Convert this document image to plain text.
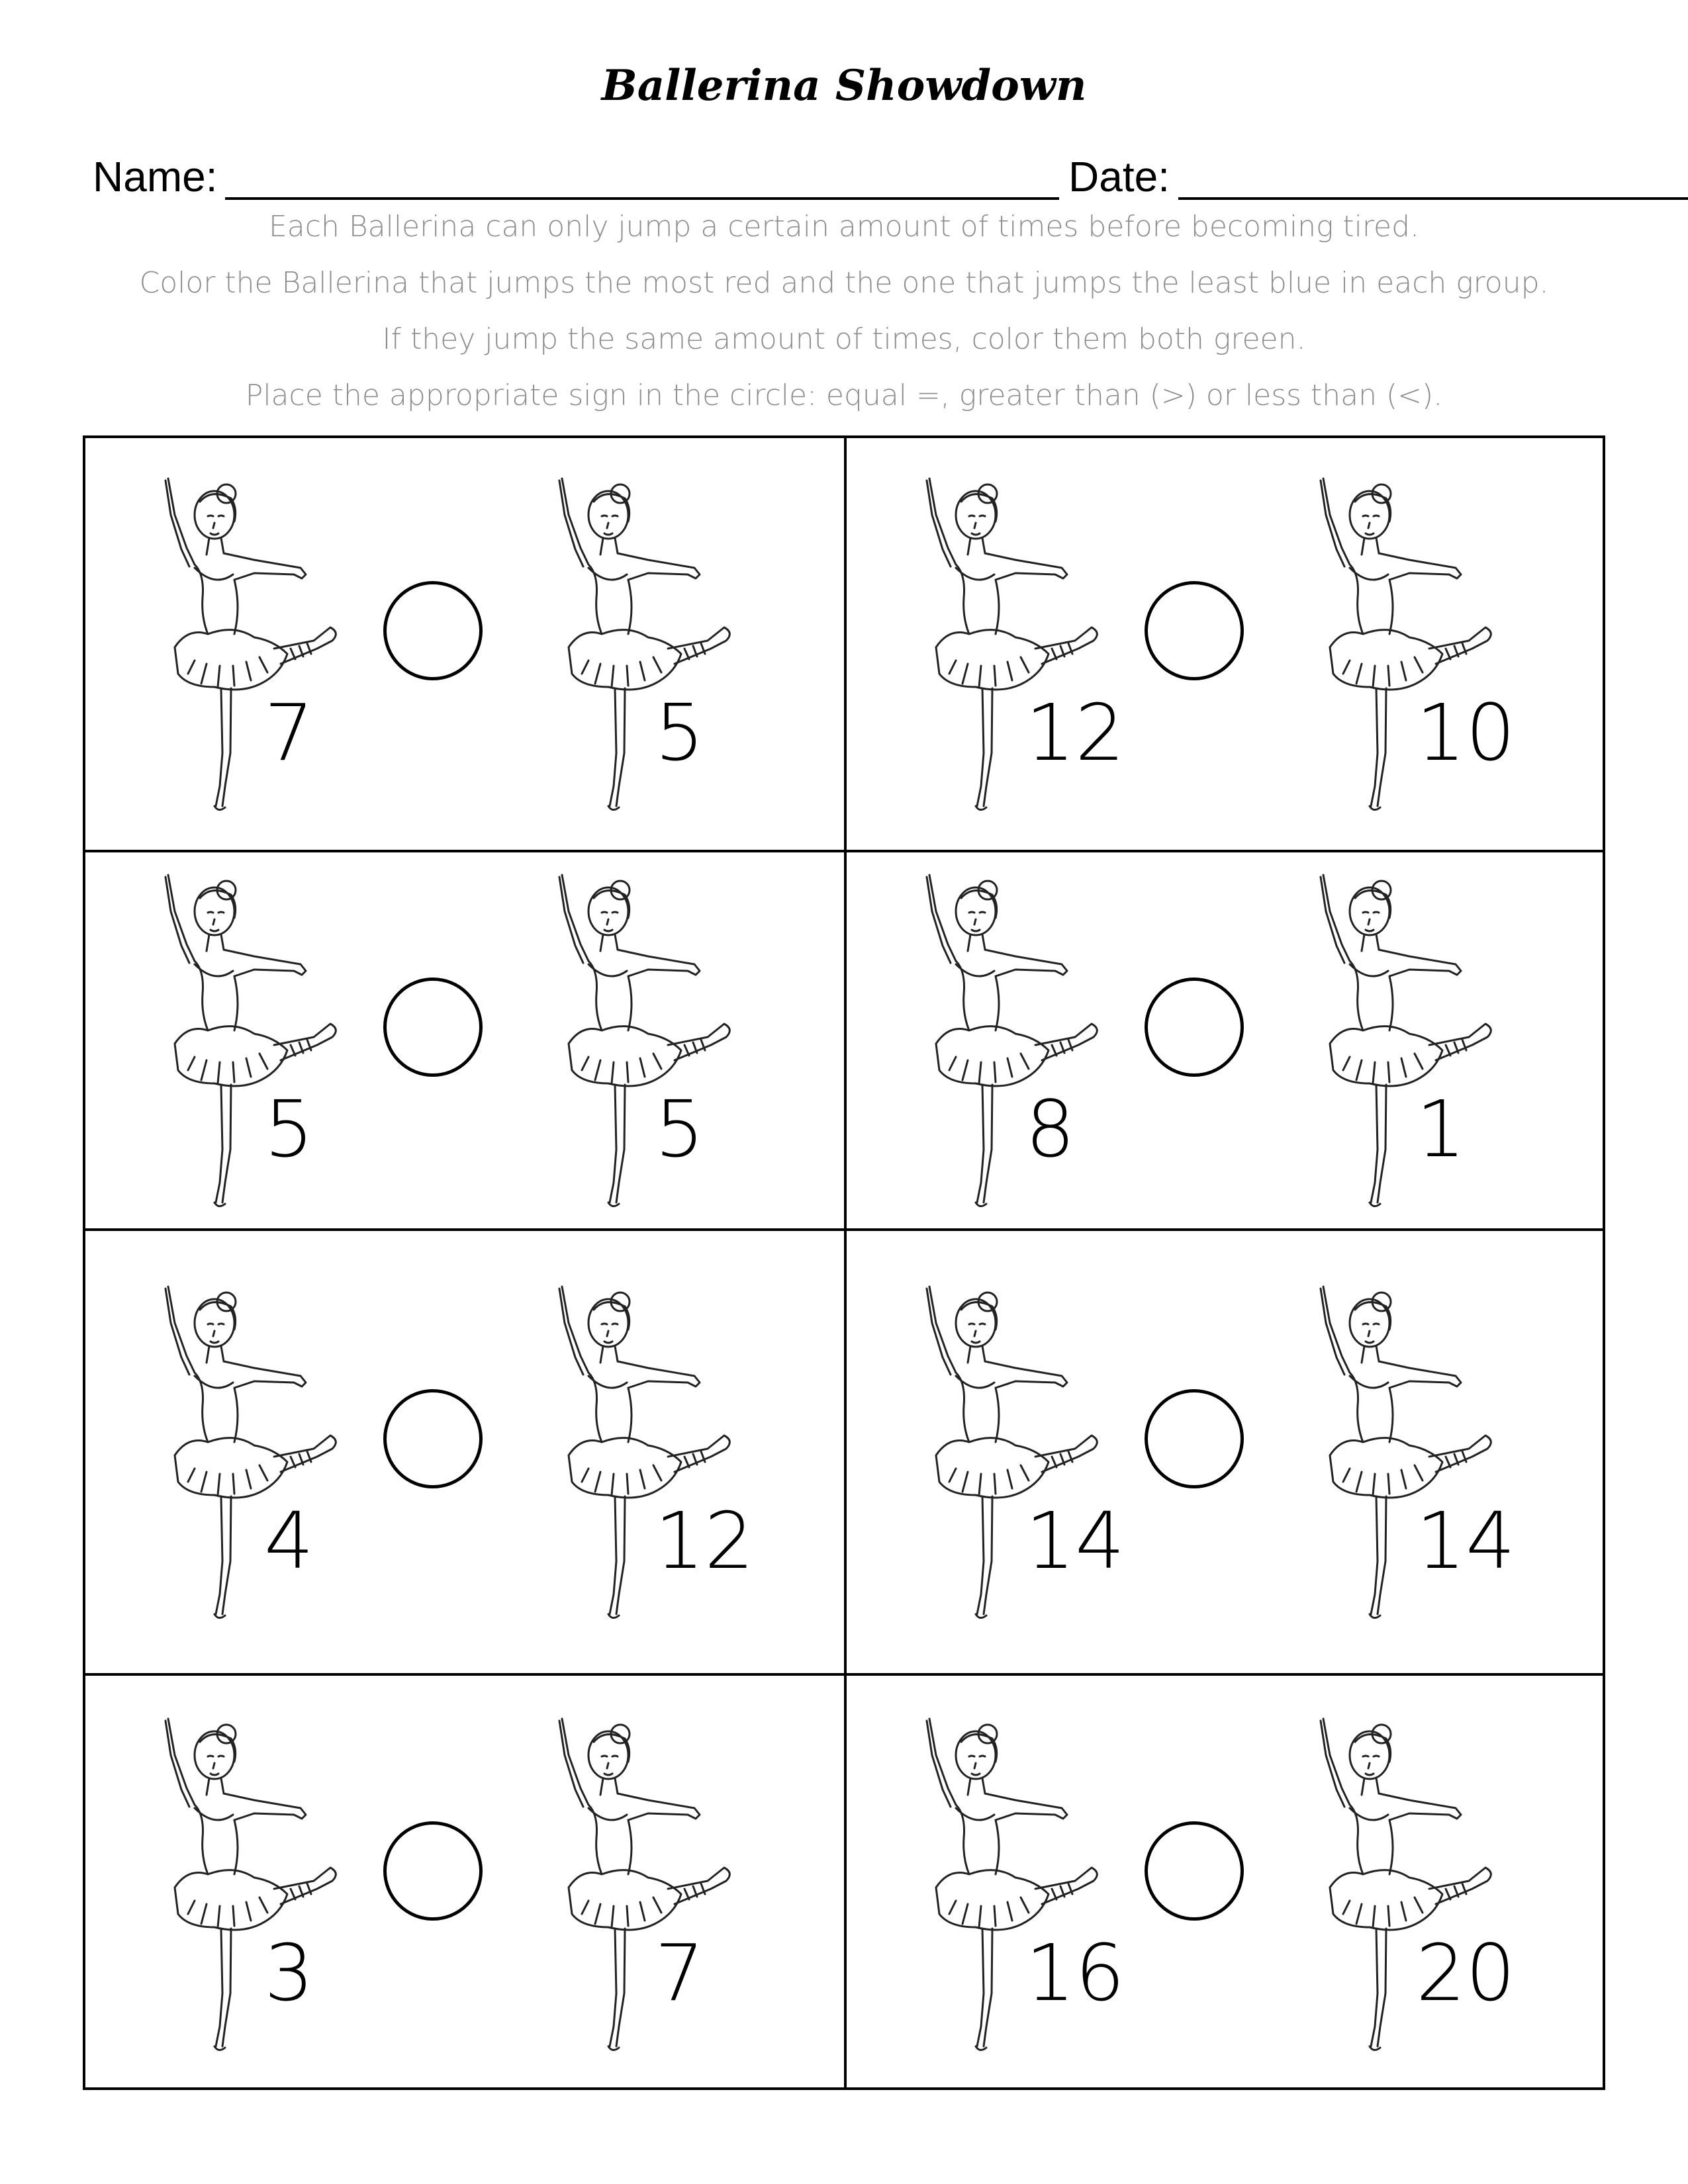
Ballerina Showdown
Name:	Date:
Each Ballerina can only jump a certain amount of times before becoming tired.
Color the Ballerina that jumps the most red and the one that jumps the least blue in each group.
If they jump the same amount of times, color them both green.
Place the appropriate sign in the circle: equal =, greater than (>) or less than (<).
7	5	12	10
5	5	8	1
4	12	14	14
3	7	16	20
